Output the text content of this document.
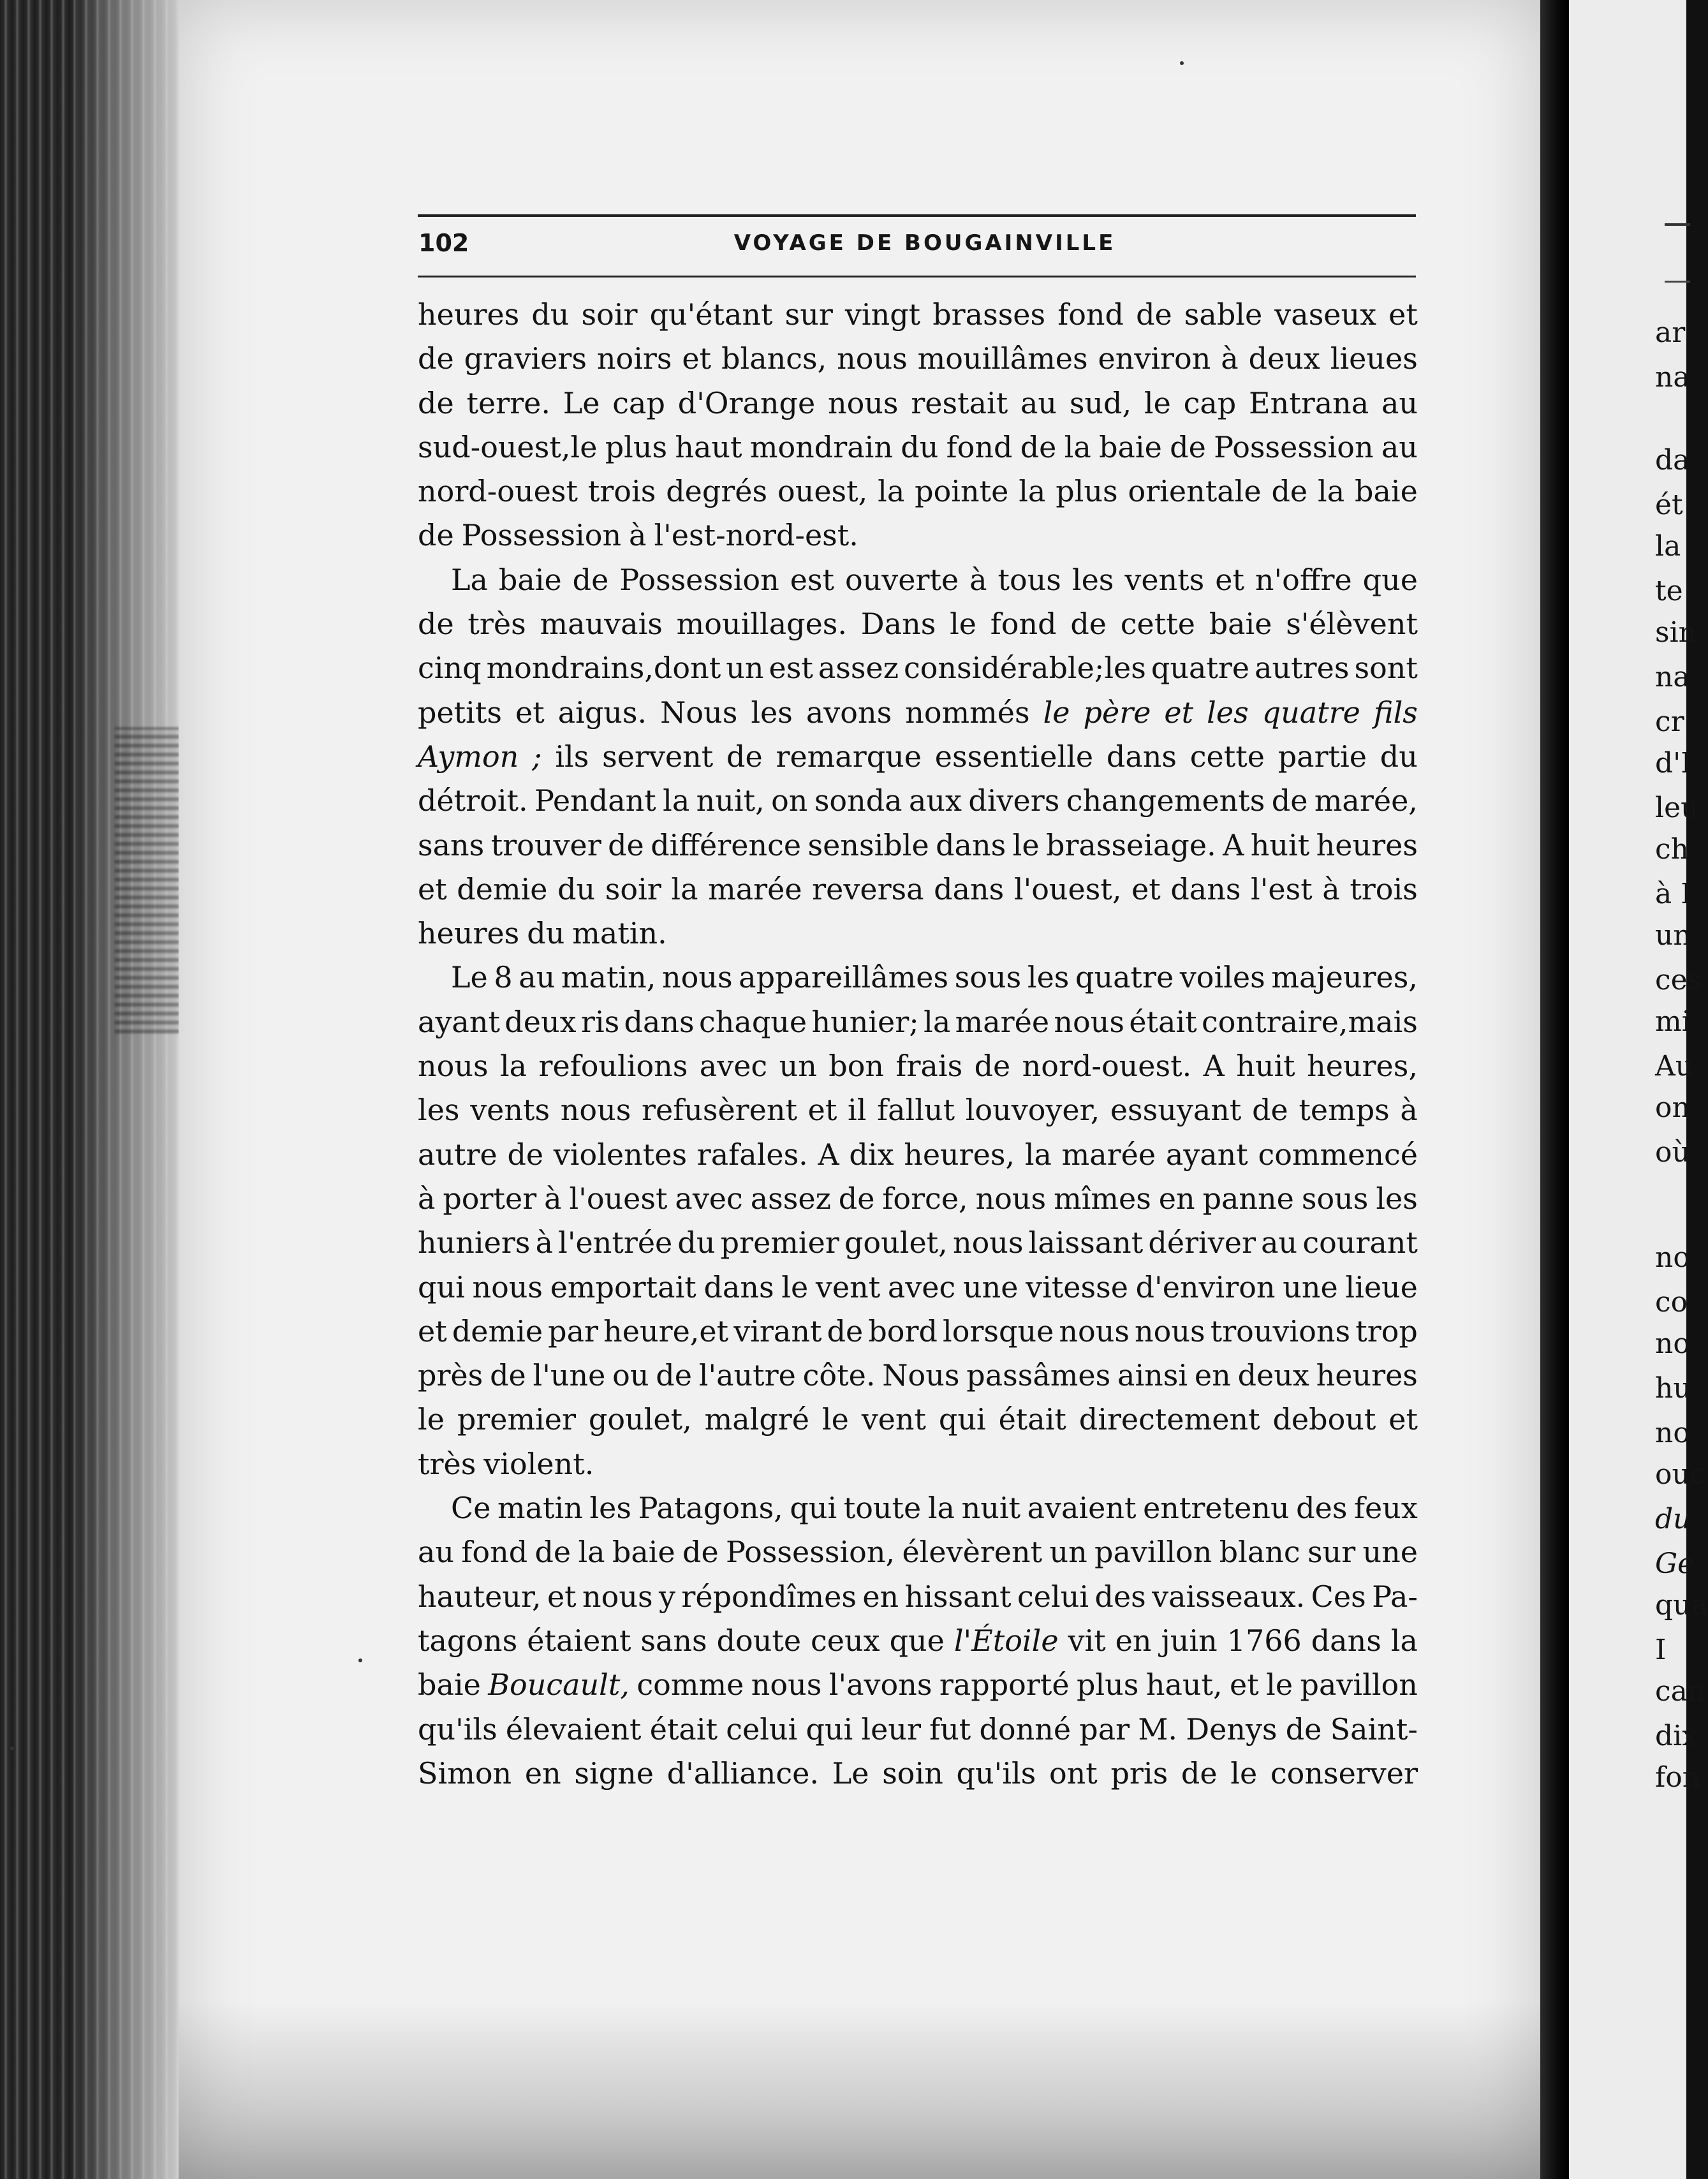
ar
na
da
ét
la
te
sin
na
cr
d'I
leu
ch
à I
un
ces
mi
Au
on
où
no
co
no
hu
no
ouc
du
Ge
qua
I
can
dix
fon
102	VOYAGE DE BOUGAINVILLE
heures du soir qu'étant sur vingt brasses fond de sable vaseux et
de graviers noirs et blancs, nous mouillâmes environ à deux lieues
de terre. Le cap d'Orange nous restait au sud, le cap Entrana au
sud-ouest,le plus haut mondrain du fond de la baie de Possession au
nord-ouest trois degrés ouest, la pointe la plus orientale de la baie
de Possession à l'est-nord-est.
La baie de Possession est ouverte à tous les vents et n'offre que
de très mauvais mouillages. Dans le fond de cette baie s'élèvent
cinq mondrains,dont un est assez considérable;les quatre autres sont
petits et aigus. Nous les avons nommés le père et les quatre fils
Aymon ; ils servent de remarque essentielle dans cette partie du
détroit. Pendant la nuit, on sonda aux divers changements de marée,
sans trouver de différence sensible dans le brasseiage. A huit heures
et demie du soir la marée reversa dans l'ouest, et dans l'est à trois
heures du matin.
Le 8 au matin, nous appareillâmes sous les quatre voiles majeures,
ayant deux ris dans chaque hunier; la marée nous était contraire,mais
nous la refoulions avec un bon frais de nord-ouest. A huit heures,
les vents nous refusèrent et il fallut louvoyer, essuyant de temps à
autre de violentes rafales. A dix heures, la marée ayant commencé
à porter à l'ouest avec assez de force, nous mîmes en panne sous les
huniers à l'entrée du premier goulet, nous laissant dériver au courant
qui nous emportait dans le vent avec une vitesse d'environ une lieue
et demie par heure,et virant de bord lorsque nous nous trouvions trop
près de l'une ou de l'autre côte. Nous passâmes ainsi en deux heures
le premier goulet, malgré le vent qui était directement debout et
très violent.
Ce matin les Patagons, qui toute la nuit avaient entretenu des feux
au fond de la baie de Possession, élevèrent un pavillon blanc sur une
hauteur, et nous y répondîmes en hissant celui des vaisseaux. Ces Pa-
tagons étaient sans doute ceux que l'Étoile vit en juin 1766 dans la
baie Boucault, comme nous l'avons rapporté plus haut, et le pavillon
qu'ils élevaient était celui qui leur fut donné par M. Denys de Saint-
Simon en signe d'alliance. Le soin qu'ils ont pris de le conserver
